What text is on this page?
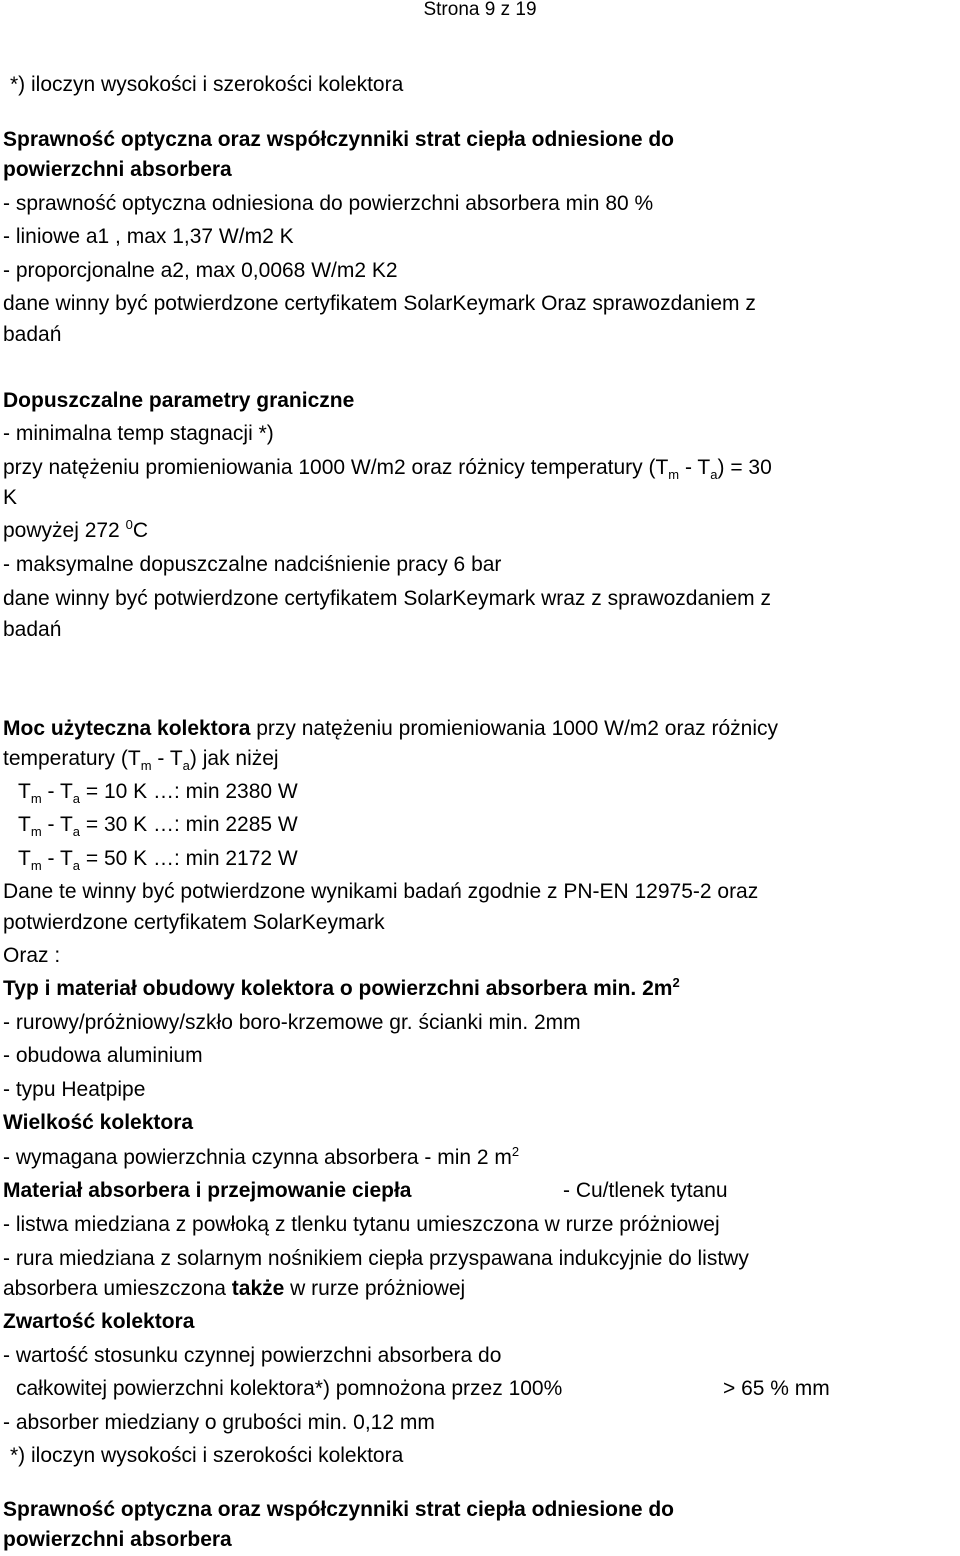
Strona 9 z 19
*) iloczyn wysokości i szerokości kolektora
Sprawność optyczna oraz współczynniki strat ciepła odniesione do
powierzchni absorbera
- sprawność optyczna odniesiona do powierzchni absorbera min 80 %
- liniowe a1 , max 1,37 W/m2 K
- proporcjonalne a2, max 0,0068 W/m2 K2
dane winny być potwierdzone certyfikatem SolarKeymark Oraz sprawozdaniem z
badań
Dopuszczalne parametry graniczne
- minimalna temp stagnacji *)
przy natężeniu promieniowania 1000 W/m2 oraz różnicy temperatury $(T_m - T_a) = 30$
K
powyżej 272 $^0$C
- maksymalne dopuszczalne nadciśnienie pracy 6 bar
dane winny być potwierdzone certyfikatem SolarKeymark wraz z sprawozdaniem z
badań
Moc użyteczna kolektora przy natężeniu promieniowania 1000 W/m2 oraz różnicy
temperatury $(T_m - T_a)$ jak niżej
$T_m - T_a = 10$ K …: min 2380 W
$T_m - T_a = 30$ K …: min 2285 W
$T_m - T_a = 50$ K …: min 2172 W
Dane te winny być potwierdzone wynikami badań zgodnie z PN-EN 12975-2 oraz
potwierdzone certyfikatem SolarKeymark
Oraz :
Typ i materiał obudowy kolektora o powierzchni absorbera min. $2m^2$
- rurowy/próżniowy/szkło boro-krzemowe gr. ścianki min. 2mm
- obudowa aluminium
- typu Heatpipe
Wielkość kolektora
- wymagana powierzchnia czynna absorbera - min 2 $m^2$
Materiał absorbera i przejmowanie ciepła	- Cu/tlenek tytanu
- listwa miedziana z powłoką z tlenku tytanu umieszczona w rurze próżniowej
- rura miedziana z solarnym nośnikiem ciepła przyspawana indukcyjnie do listwy
absorbera umieszczona także w rurze próżniowej
Zwartość kolektora
- wartość stosunku czynnej powierzchni absorbera do
całkowitej powierzchni kolektora*) pomnożona przez 100%	> 65 % mm
- absorber miedziany o grubości min. 0,12 mm
*) iloczyn wysokości i szerokości kolektora
Sprawność optyczna oraz współczynniki strat ciepła odniesione do
powierzchni absorbera
